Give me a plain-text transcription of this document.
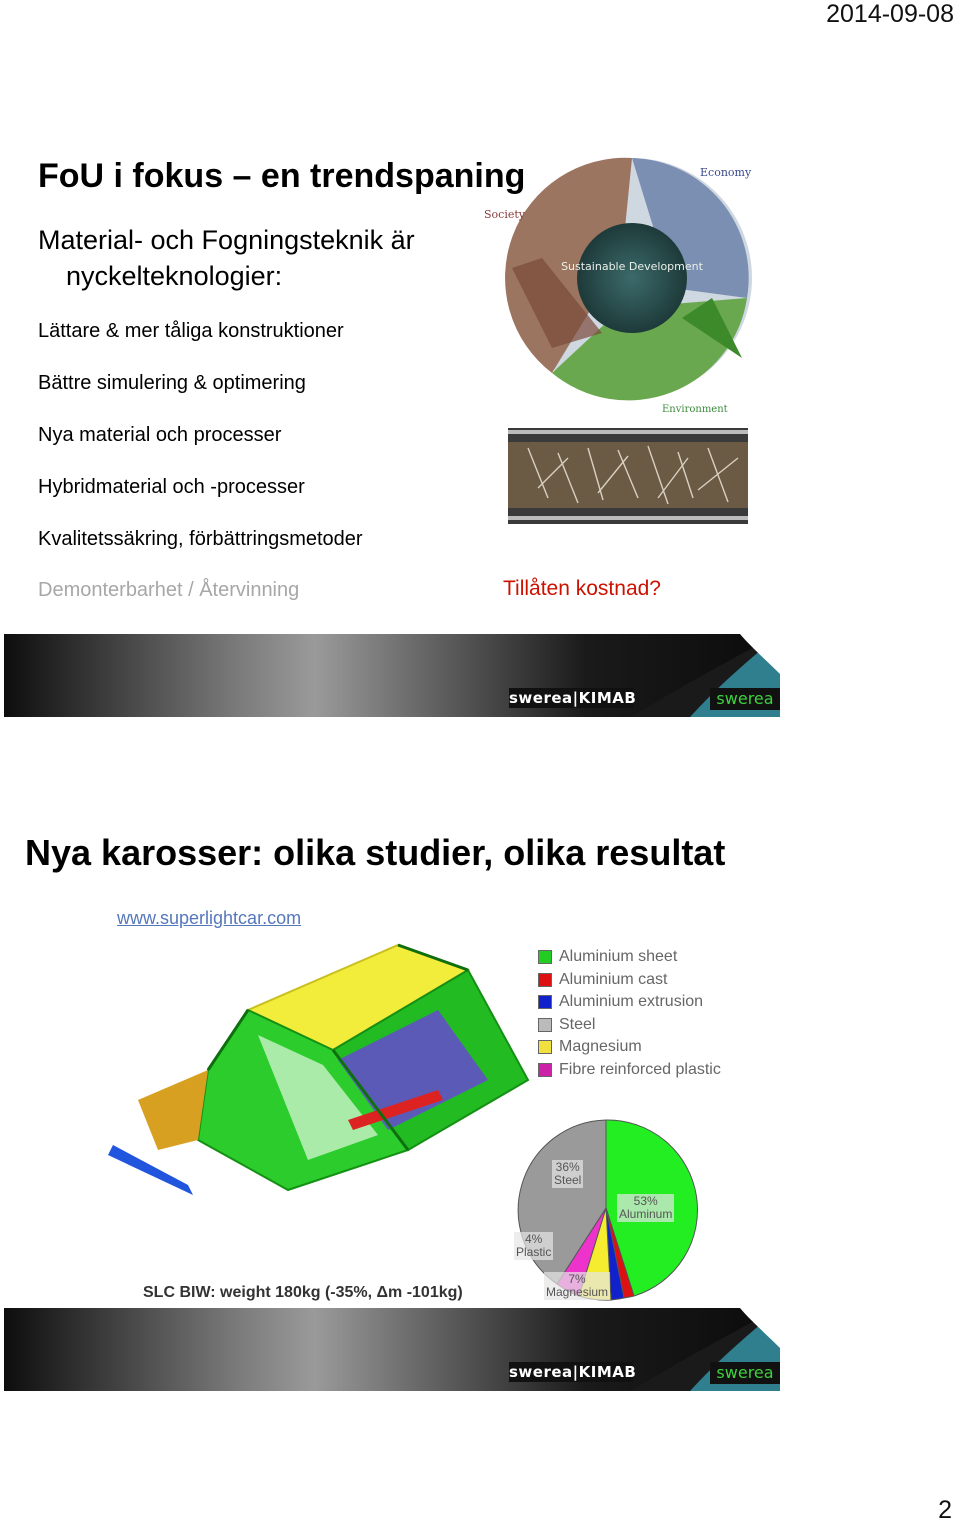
2014-09-08
FoU i fokus – en trendspaning
Material- och Fogningsteknik är
nyckelteknologier:
Lättare & mer tåliga konstruktioner
Bättre simulering & optimering
Nya material och processer
Hybridmaterial och -processer
Kvalitetssäkring, förbättringsmetoder
Demonterbarhet / Återvinning	Tillåten kostnad?
Sustainable Development
Society
Economy
Environment
swerea|KIMAB	swerea
Nya karosser: olika studier, olika resultat
www.superlightcar.com
Aluminium sheet
Aluminium cast
Aluminium extrusion
Steel
Magnesium
Fibre reinforced plastic
36%
Steel
53%
Aluminum
4%
Plastic
7%
Magnesium
SLC BIW: weight 180kg (-35%, Δm -101kg)
swerea|KIMAB	swerea
2
